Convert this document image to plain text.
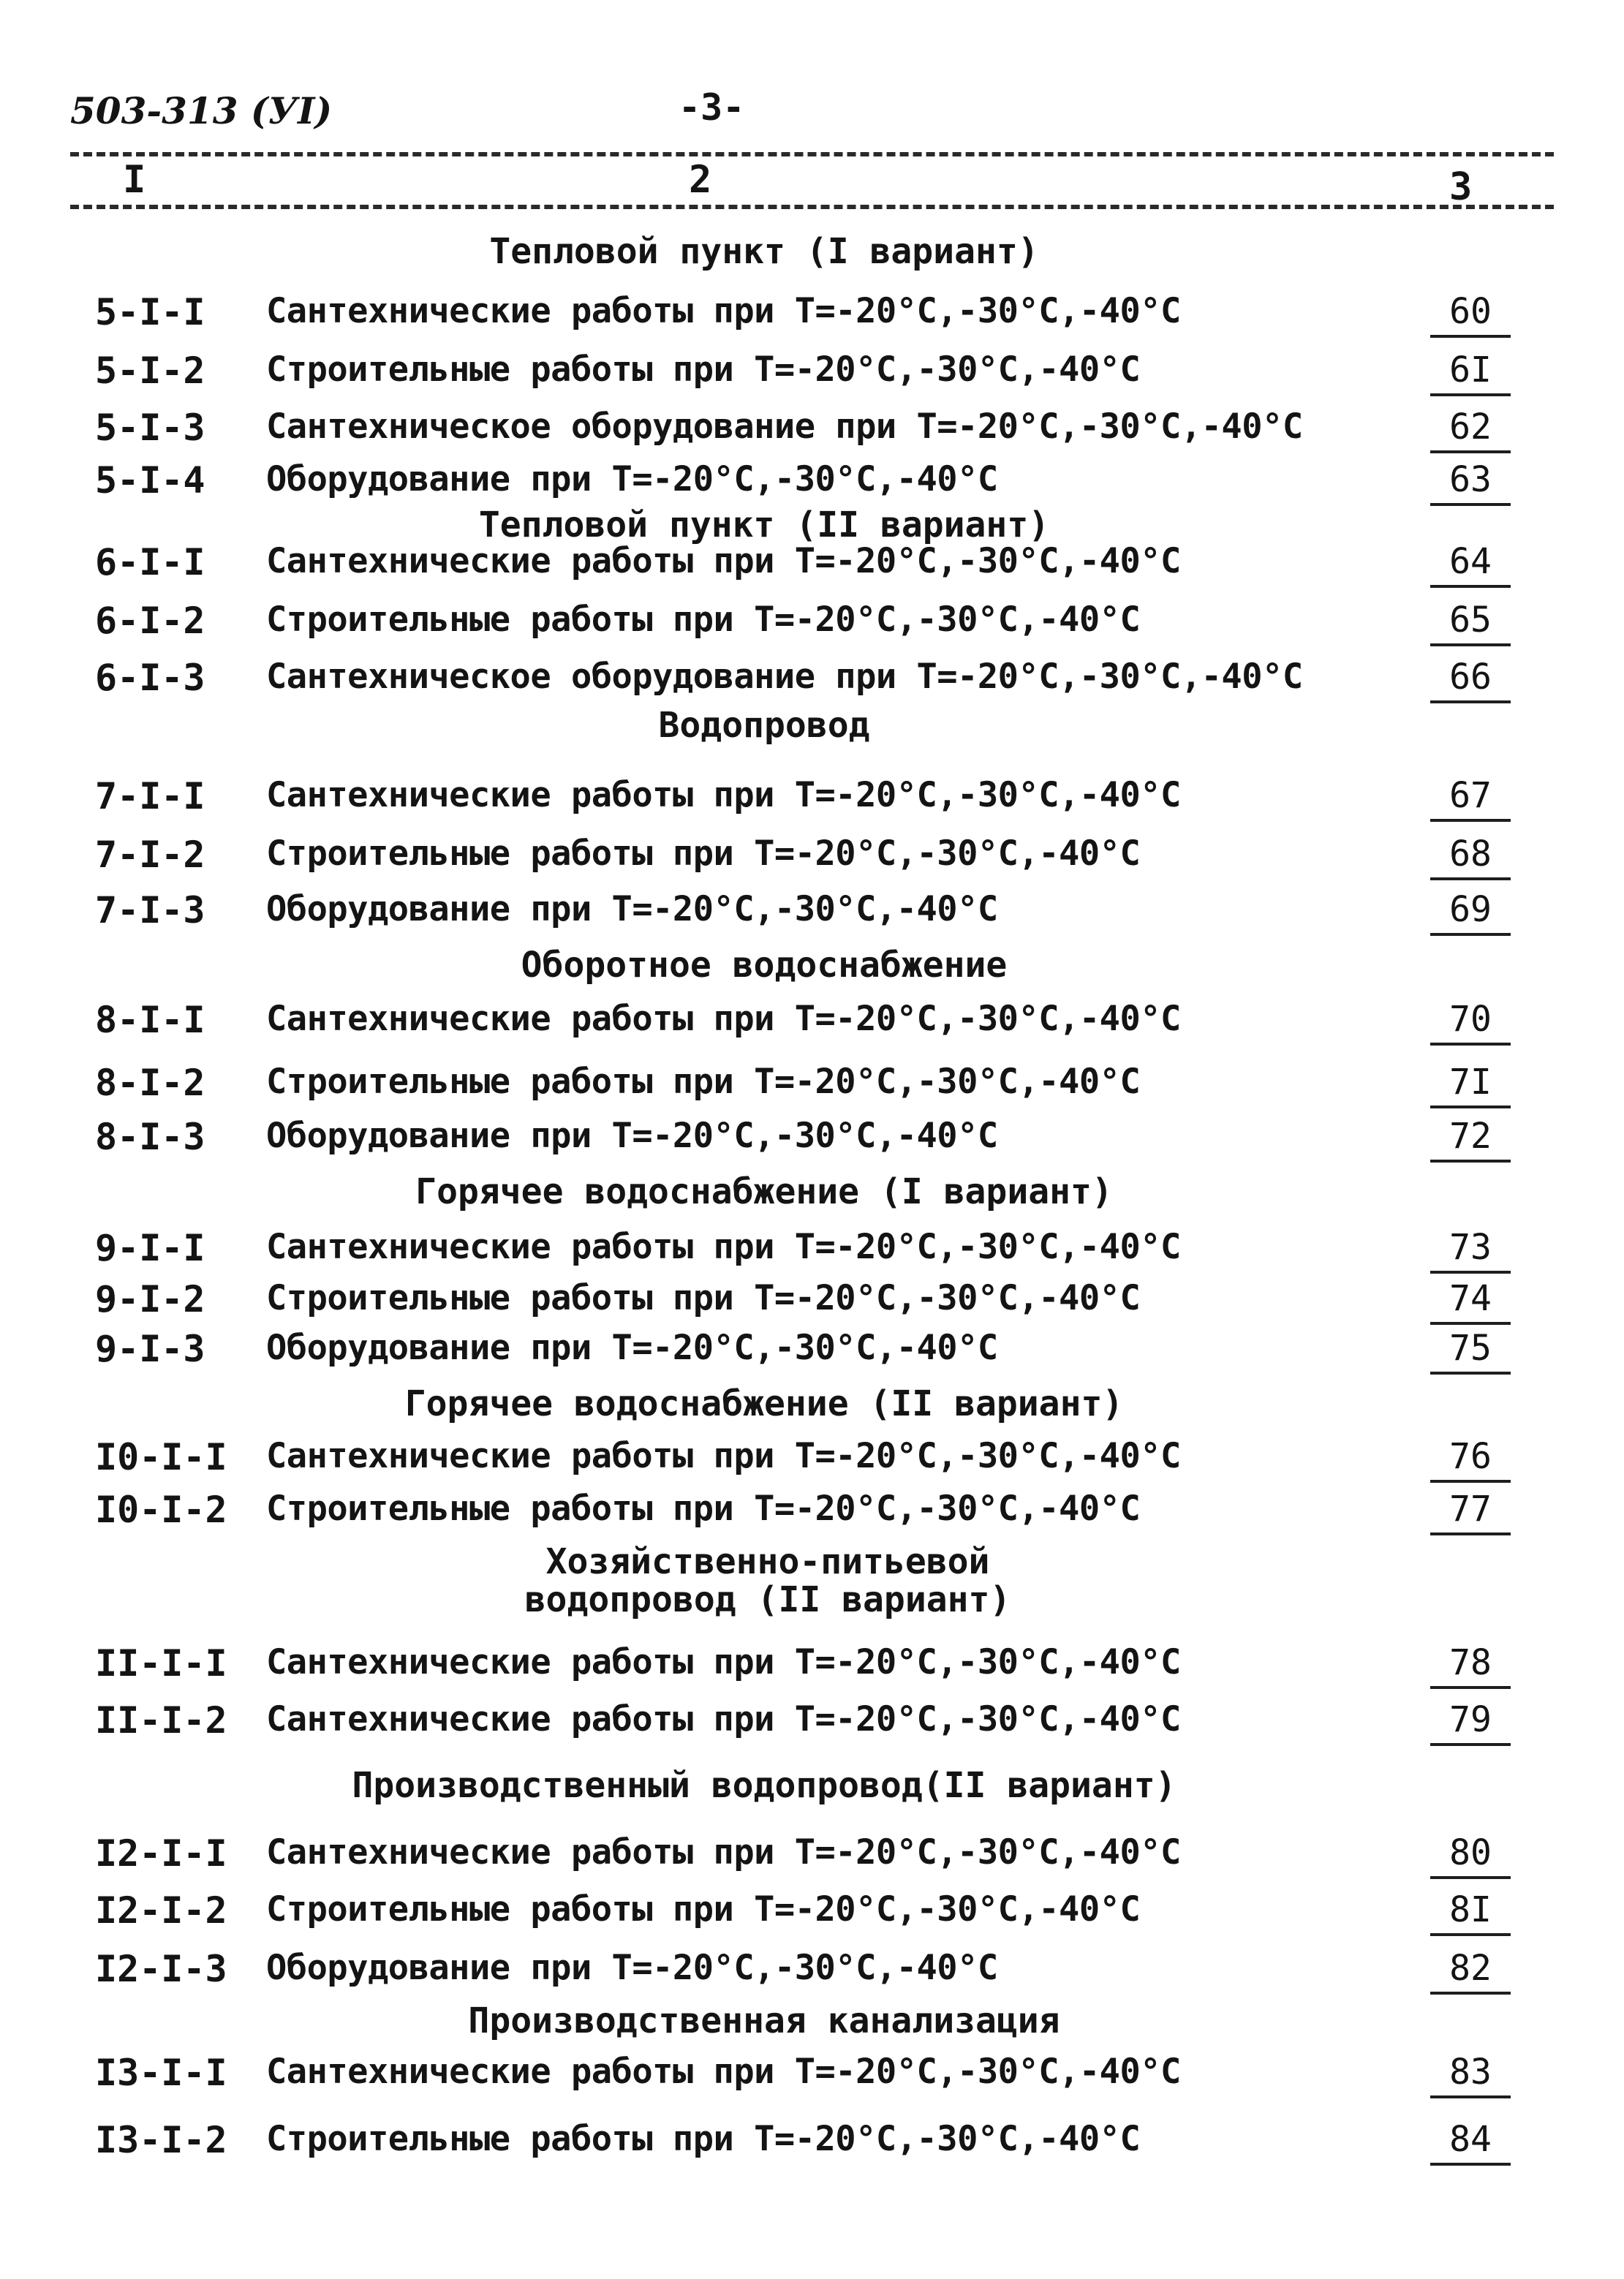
503-313 (УI)	-3-
I	2	3
Тепловой пункт (I вариант)
5-I-I Сантехнические работы при Т=-20°С,-30°С,-40°С	60
5-I-2 Строительные работы при Т=-20°С,-30°С,-40°С	6I
5-I-3 Сантехническое оборудование при Т=-20°С,-30°С,-40°С	62
5-I-4 Оборудование при Т=-20°С,-30°С,-40°С	63
Тепловой пункт (II вариант)
6-I-I Сантехнические работы при Т=-20°С,-30°С,-40°С	64
6-I-2 Строительные работы при Т=-20°С,-30°С,-40°С	65
6-I-3 Сантехническое оборудование при Т=-20°С,-30°С,-40°С	66
Водопровод
7-I-I Сантехнические работы при Т=-20°С,-30°С,-40°С	67
7-I-2 Строительные работы при Т=-20°С,-30°С,-40°С	68
7-I-3 Оборудование при Т=-20°С,-30°С,-40°С	69
Оборотное водоснабжение
8-I-I Сантехнические работы при Т=-20°С,-30°С,-40°С	70
8-I-2 Строительные работы при Т=-20°С,-30°С,-40°С	7I
8-I-3 Оборудование при Т=-20°С,-30°С,-40°С	72
Горячее водоснабжение (I вариант)
9-I-I Сантехнические работы при Т=-20°С,-30°С,-40°С	73
9-I-2 Строительные работы при Т=-20°С,-30°С,-40°С	74
9-I-3 Оборудование при Т=-20°С,-30°С,-40°С	75
Горячее водоснабжение (II вариант)
I0-I-I Сантехнические работы при Т=-20°С,-30°С,-40°С	76
I0-I-2 Строительные работы при Т=-20°С,-30°С,-40°С	77
Хозяйственно-питьевой водопровод (II вариант)
II-I-I Сантехнические работы при Т=-20°С,-30°С,-40°С	78
II-I-2 Сантехнические работы при Т=-20°С,-30°С,-40°С	79
Производственный водопровод(II вариант)
I2-I-I Сантехнические работы при Т=-20°С,-30°С,-40°С	80
I2-I-2 Строительные работы при Т=-20°С,-30°С,-40°С	8I
I2-I-3 Оборудование при Т=-20°С,-30°С,-40°С	82
Производственная канализация
I3-I-I Сантехнические работы при Т=-20°С,-30°С,-40°С	83
I3-I-2 Строительные работы при Т=-20°С,-30°С,-40°С	84
